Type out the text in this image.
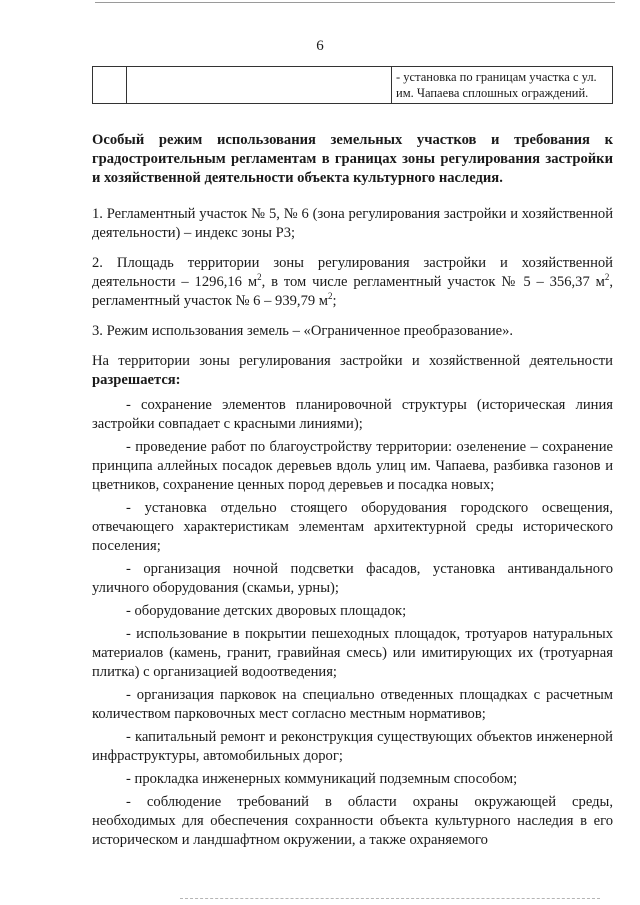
6
		- установка по границам участка с ул. им. Чапаева сплошных ограждений.

Особый режим использования земельных участков и требования к градостроительным регламентам в границах зоны регулирования застройки и хозяйственной деятельности объекта культурного наследия.

1. Регламентный участок № 5, № 6 (зона регулирования застройки и хозяйственной деятельности) – индекс зоны Р3;

2. Площадь территории зоны регулирования застройки и хозяйственной деятельности – 1296,16 $м^2$, в том числе регламентный участок № 5 – 356,37 $м^2$, регламентный участок № 6 – 939,79 $м^2$;

3. Режим использования земель – «Ограниченное преобразование».

На территории зоны регулирования застройки и хозяйственной деятельности разрешается:

- сохранение элементов планировочной структуры (историческая линия застройки совпадает с красными линиями);

- проведение работ по благоустройству территории: озеленение – сохранение принципа аллейных посадок деревьев вдоль улиц им. Чапаева, разбивка газонов и цветников, сохранение ценных пород деревьев и посадка новых;

- установка отдельно стоящего оборудования городского освещения, отвечающего характеристикам элементам архитектурной среды исторического поселения;

- организация ночной подсветки фасадов, установка антивандального уличного оборудования (скамьи, урны);

- оборудование детских дворовых площадок;

- использование в покрытии пешеходных площадок, тротуаров натуральных материалов (камень, гранит, гравийная смесь) или имитирующих их (тротуарная плитка) с организацией водоотведения;

- организация парковок на специально отведенных площадках с расчетным количеством парковочных мест согласно местным нормативов;

- капитальный ремонт и реконструкция существующих объектов инженерной инфраструктуры, автомобильных дорог;

- прокладка инженерных коммуникаций подземным способом;

- соблюдение требований в области охраны окружающей среды, необходимых для обеспечения сохранности объекта культурного наследия в его историческом и ландшафтном окружении, а также охраняемого
